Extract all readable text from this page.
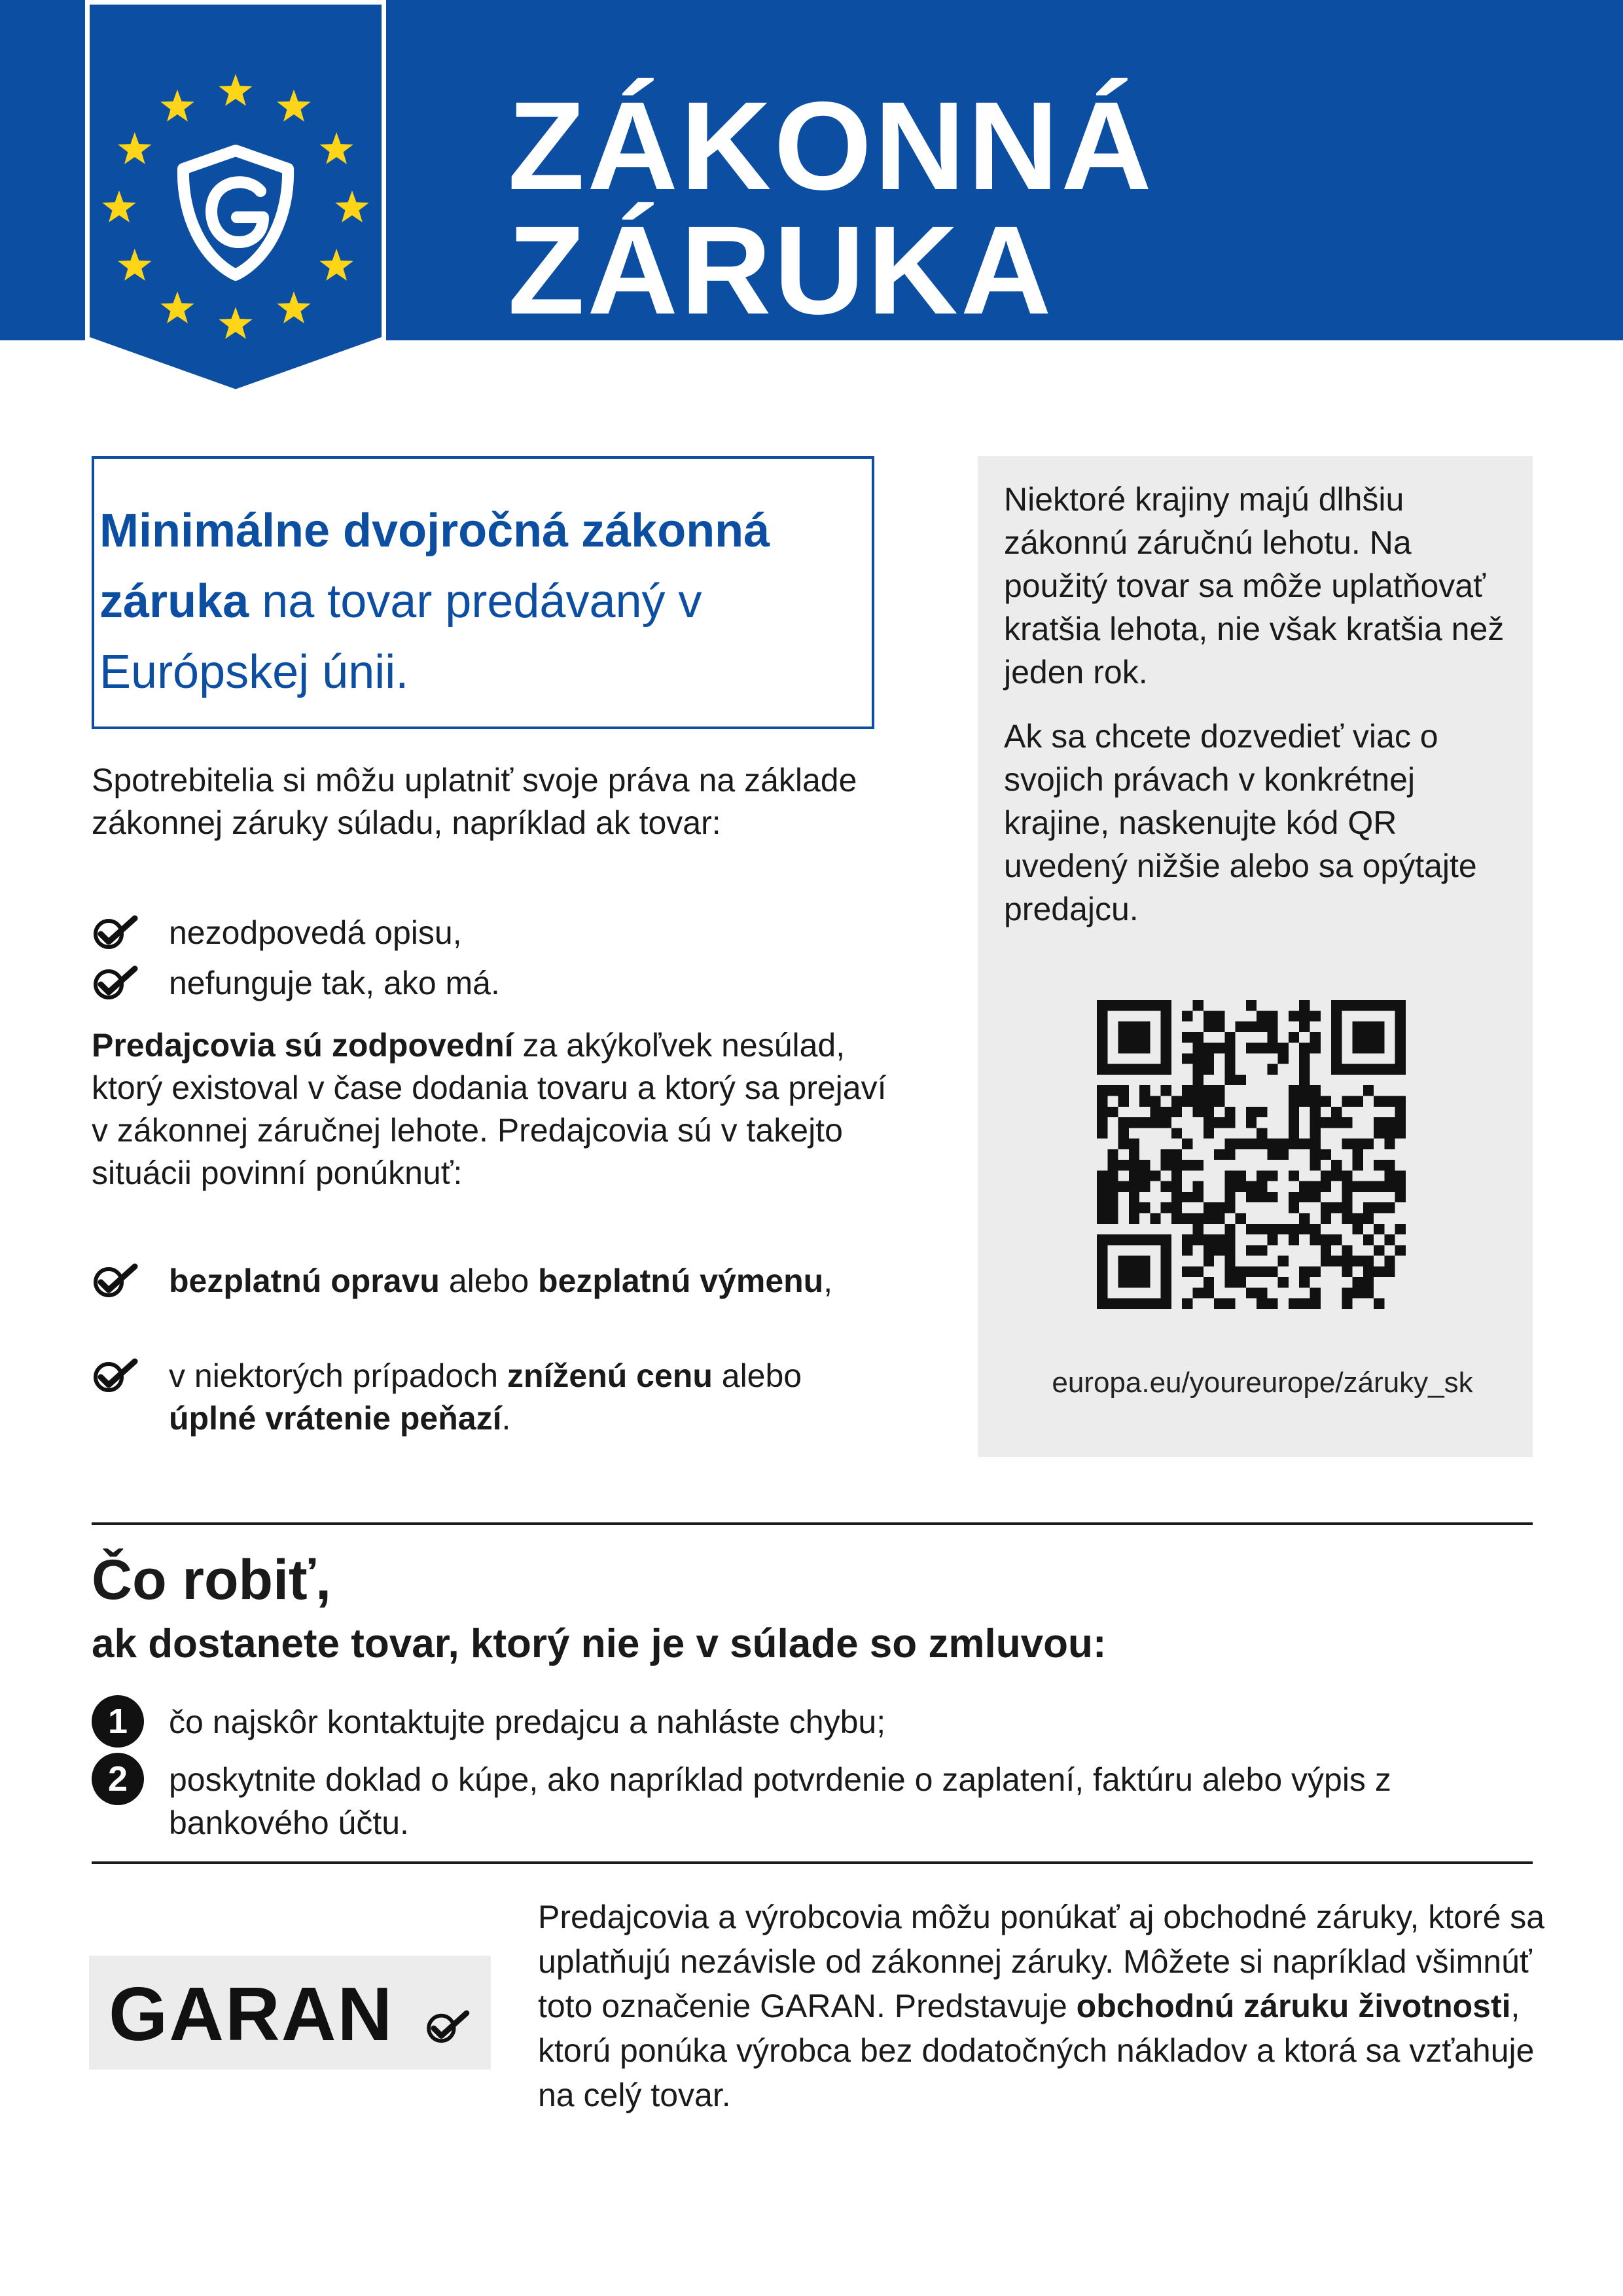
ZÁKONNÁ
ZÁRUKA
Minimálne dvojročná zákonná záruka na tovar predávaný v Európskej únii.
Spotrebitelia si môžu uplatniť svoje práva na základe zákonnej záruky súladu, napríklad ak tovar:
nezodpovedá opisu,
nefunguje tak, ako má.
Predajcovia sú zodpovední za akýkoľvek nesúlad, ktorý existoval v čase dodania tovaru a ktorý sa prejaví v zákonnej záručnej lehote. Predajcovia sú v takejto situácii povinní ponúknuť:
bezplatnú opravu alebo bezplatnú výmenu,
v niektorých prípadoch zníženú cenu alebo úplné vrátenie peňazí.
Niektoré krajiny majú dlhšiu zákonnú záručnú lehotu. Na použitý tovar sa môže uplatňovať kratšia lehota, nie však kratšia než jeden rok.
Ak sa chcete dozvedieť viac o svojich právach v konkrétnej krajine, naskenujte kód QR uvedený nižšie alebo sa opýtajte predajcu.
europa.eu/youreurope/záruky_sk
Čo robiť,
ak dostanete tovar, ktorý nie je v súlade so zmluvou:
1	čo najskôr kontaktujte predajcu a nahláste chybu;
2	poskytnite doklad o kúpe, ako napríklad potvrdenie o zaplatení, faktúru alebo výpis z bankového účtu.
GARAN
Predajcovia a výrobcovia môžu ponúkať aj obchodné záruky, ktoré sa uplatňujú nezávisle od zákonnej záruky. Môžete si napríklad všimnúť toto označenie GARAN. Predstavuje obchodnú záruku životnosti, ktorú ponúka výrobca bez dodatočných nákladov a ktorá sa vzťahuje na celý tovar.
